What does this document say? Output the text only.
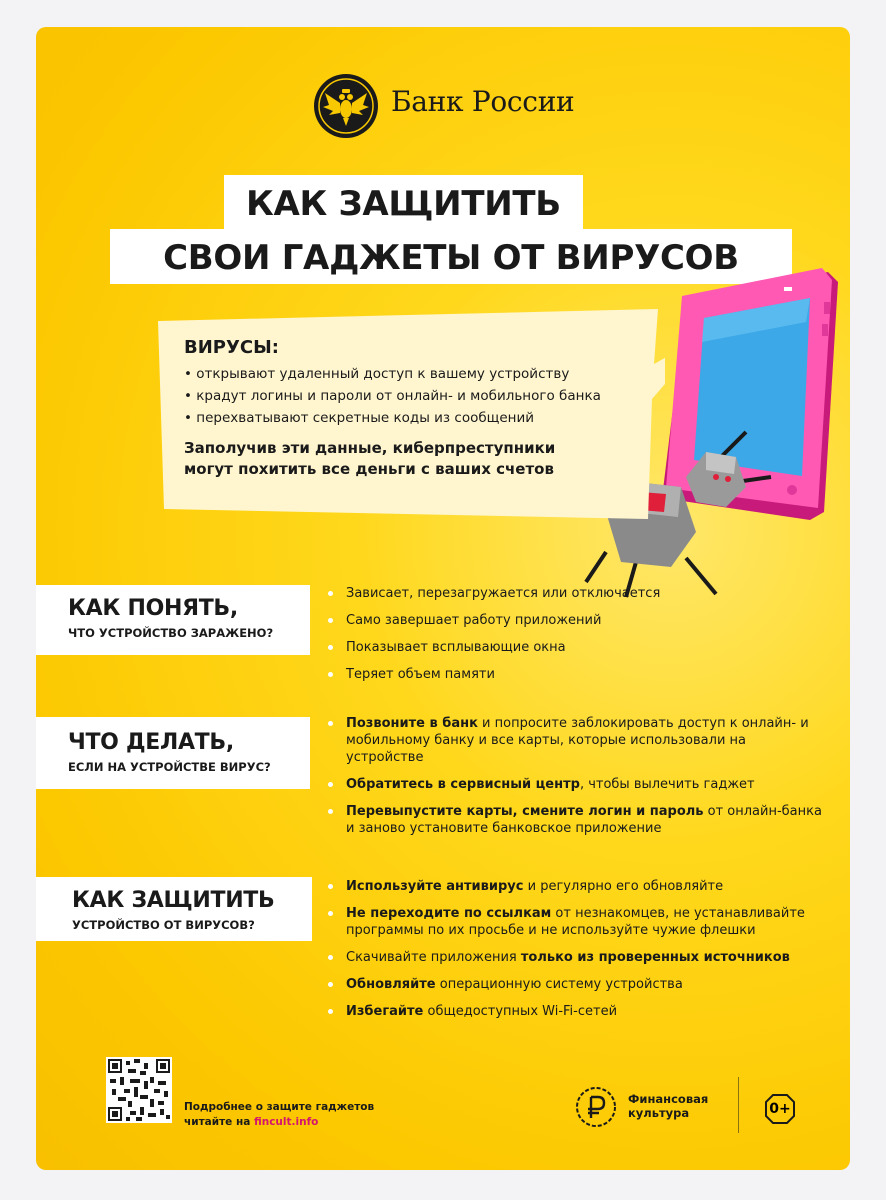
Банк России
КАК ЗАЩИТИТЬ
СВОИ ГАДЖЕТЫ ОТ ВИРУСОВ
ВИРУСЫ:
• открывают удаленный доступ к вашему устройству
• крадут логины и пароли от онлайн- и мобильного банка
• перехватывают секретные коды из сообщений
Заполучив эти данные, киберпреступники
могут похитить все деньги с ваших счетов
КАК ПОНЯТЬ,
ЧТО УСТРОЙСТВО ЗАРАЖЕНО?
Зависает, перезагружается или отключается
Само завершает работу приложений
Показывает всплывающие окна
Теряет объем памяти
ЧТО ДЕЛАТЬ,
ЕСЛИ НА УСТРОЙСТВЕ ВИРУС?
Позвоните в банк и попросите заблокировать доступ к онлайн- и мобильному банку и все карты, которые использовали на устройстве
Обратитесь в сервисный центр, чтобы вылечить гаджет
Перевыпустите карты, смените логин и пароль от онлайн-банка и заново установите банковское приложение
КАК ЗАЩИТИТЬ
УСТРОЙСТВО ОТ ВИРУСОВ?
Используйте антивирус и регулярно его обновляйте
Не переходите по ссылкам от незнакомцев, не устанавливайте программы по их просьбе и не используйте чужие флешки
Скачивайте приложения только из проверенных источников
Обновляйте операционную систему устройства
Избегайте общедоступных Wi-Fi-сетей
Подробнее о защите гаджетов
читайте на fincult.info
Финансовая
культура	0+
